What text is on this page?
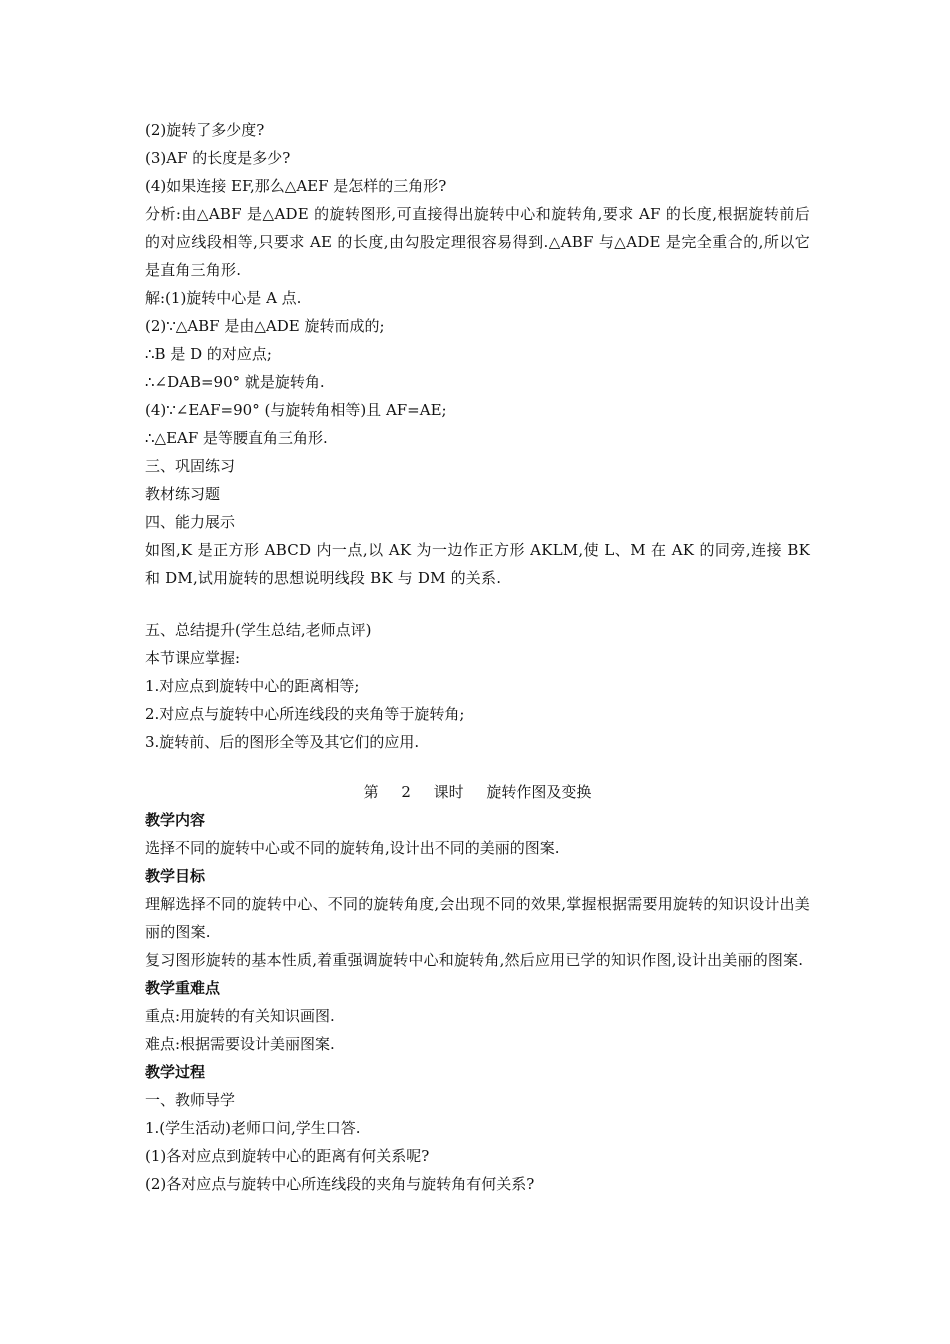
(2)旋转了多少度?
(3)AF 的长度是多少?
(4)如果连接 EF,那么△AEF 是怎样的三角形?
分析:由△ABF 是△ADE 的旋转图形,可直接得出旋转中心和旋转角,要求 AF 的长度,根据旋转前后的对应线段相等,只要求 AE 的长度,由勾股定理很容易得到.△ABF 与△ADE 是完全重合的,所以它是直角三角形.
解:(1)旋转中心是 A 点.
(2)∵△ABF 是由△ADE 旋转而成的;
∴B 是 D 的对应点;
∴∠DAB=90° 就是旋转角.
(4)∵∠EAF=90° (与旋转角相等)且 AF=AE;
∴△EAF 是等腰直角三角形.
三、巩固练习
教材练习题
四、能力展示
如图,K 是正方形 ABCD 内一点,以 AK 为一边作正方形 AKLM,使 L、M 在 AK 的同旁,连接 BK 和 DM,试用旋转的思想说明线段 BK 与 DM 的关系.
五、总结提升(学生总结,老师点评)
本节课应掌握:
1.对应点到旋转中心的距离相等;
2.对应点与旋转中心所连线段的夹角等于旋转角;
3.旋转前、后的图形全等及其它们的应用.
第 2 课时 旋转作图及变换
教学内容
选择不同的旋转中心或不同的旋转角,设计出不同的美丽的图案.
教学目标
理解选择不同的旋转中心、不同的旋转角度,会出现不同的效果,掌握根据需要用旋转的知识设计出美丽的图案.
复习图形旋转的基本性质,着重强调旋转中心和旋转角,然后应用已学的知识作图,设计出美丽的图案.
教学重难点
重点:用旋转的有关知识画图.
难点:根据需要设计美丽图案.
教学过程
一、教师导学
1.(学生活动)老师口问,学生口答.
(1)各对应点到旋转中心的距离有何关系呢?
(2)各对应点与旋转中心所连线段的夹角与旋转角有何关系?
